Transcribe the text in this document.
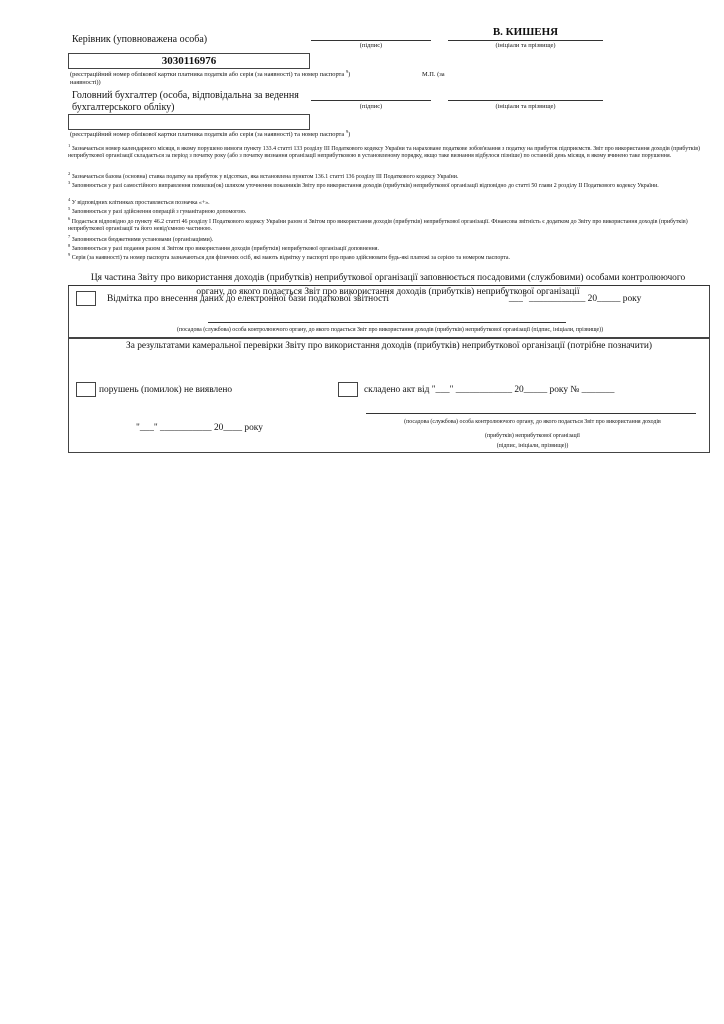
Керівник (уповноважена особа)
(підпис)
В. КИШЕНЯ
(ініціали та прізвище)
3030116976
(реєстраційний номер облікової картки платника податків або серія (за наявності) та номер паспорта $^9$)
наявності))
М.П. (за
Головний бухгалтер (особа, відповідальна за ведення
бухгалтерського обліку)	(підпис)	(ініціали та прізвище)
(реєстраційний номер облікової картки платника податків або серія (за наявності) та номер паспорта $^9$)
$^1$ Зазначається номер календарного місяця, в якому порушено вимоги пункту 133.4 статті 133 розділу III Податкового кодексу України та нараховане податкове зобов'язання з податку на прибуток підприємств. Звіт про використання доходів (прибутків) неприбуткової організації складається за період з початку року (або з початку визнання організації неприбутковою в установленому порядку, якщо таке визнання відбулося пізніше) по останній день місяця, в якому вчинено таке порушення.
$^2$ Зазначається базова (основна) ставка податку на прибуток у відсотках, яка встановлена пунктом 136.1 статті 136 розділу III Податкового кодексу України.
$^3$ Заповнюється у разі самостійного виправлення помилки(ок) шляхом уточнення показників Звіту про використання доходів (прибутків) неприбуткової організації відповідно до статті 50 глави 2 розділу II Податкового кодексу України.
$^4$ У відповідних клітинках проставляється позначка «+».
$^5$ Заповнюється у разі здійснення операцій з гуманітарною допомогою.
$^6$ Подається відповідно до пункту 46.2 статті 46 розділу I Податкового кодексу України разом зі Звітом про використання доходів (прибутків) неприбуткової організації. Фінансова звітність є додатком до Звіту про використання доходів (прибутків) неприбуткової організації та його невід'ємною частиною.
$^7$ Заповнюється бюджетними установами (організаціями).
$^8$ Заповнюється у разі подання разом зі Звітом про використання доходів (прибутків) неприбуткової організації доповнення.
$^9$ Серія (за наявності) та номер паспорта зазначаються для фізичних осіб, які мають відмітку у паспорті про право здійснювати будь-які платежі за серією та номером паспорта.
Ця частина Звіту про використання доходів (прибутків) неприбуткової організації заповнюється посадовими (службовими) особами контролюючого
органу, до якого подається Звіт про використання доходів (прибутків) неприбуткової організації
Відмітка про внесення даних до електронної бази податкової звітності	"___" ____________ 20_____ року
(посадова (службова) особа контролюючого органу, до якого подається Звіт про використання доходів (прибутків) неприбуткової організації (підпис, ініціали, прізвище))
За результатами камеральної перевірки Звіту про використання доходів (прибутків) неприбуткової організації (потрібне позначити)
порушень (помилок) не виявлено	складено акт від "___" ____________ 20_____ року № _______
"___" ___________ 20____ року
(посадова (службова) особа контролюючого органу, до якого подається Звіт про використання доходів
(прибутків) неприбуткової організації
(підпис, ініціали, прізвище))
